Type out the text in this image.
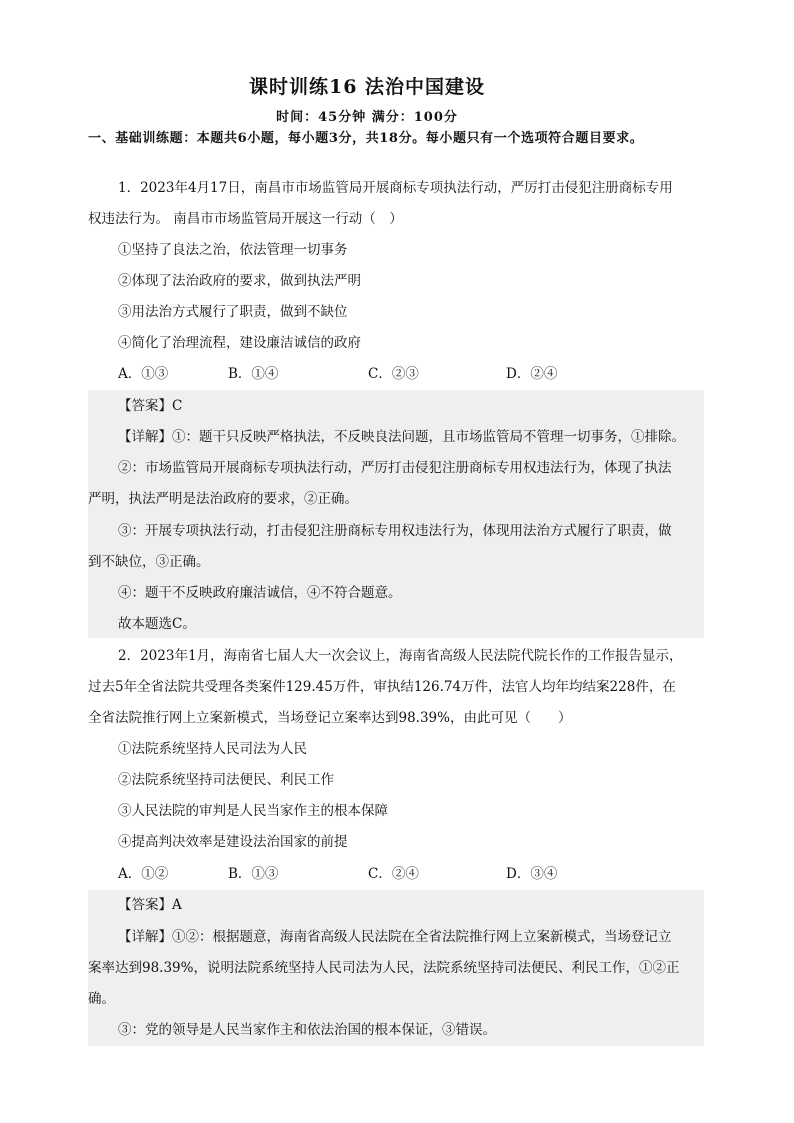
课时训练16 法治中国建设
时间：45分钟 满分：100分
一、基础训练题：本题共6小题，每小题3分，共18分。每小题只有一个选项符合题目要求。
1．2023年4月17日，南昌市市场监管局开展商标专项执法行动，严厉打击侵犯注册商标专用
权违法行为。 南昌市市场监管局开展这一行动（　）
①坚持了良法之治，依法管理一切事务
②体现了法治政府的要求，做到执法严明
③用法治方式履行了职责，做到不缺位
④简化了治理流程，建设廉洁诚信的政府
A．①③	B．①④	C．②③	D．②④
【答案】C
【详解】①：题干只反映严格执法，不反映良法问题，且市场监管局不管理一切事务，①排除。
②：市场监管局开展商标专项执法行动，严厉打击侵犯注册商标专用权违法行为，体现了执法
严明，执法严明是法治政府的要求，②正确。
③：开展专项执法行动，打击侵犯注册商标专用权违法行为，体现用法治方式履行了职责，做
到不缺位，③正确。
④：题干不反映政府廉洁诚信，④不符合题意。
故本题选C。
2．2023年1月，海南省七届人大一次会议上，海南省高级人民法院代院长作的工作报告显示，
过去5年全省法院共受理各类案件129.45万件，审执结126.74万件，法官人均年均结案228件，在
全省法院推行网上立案新模式，当场登记立案率达到98.39%，由此可见（　　）
①法院系统坚持人民司法为人民
②法院系统坚持司法便民、利民工作
③人民法院的审判是人民当家作主的根本保障
④提高判决效率是建设法治国家的前提
A．①②	B．①③	C．②④	D．③④
【答案】A
【详解】①②：根据题意，海南省高级人民法院在全省法院推行网上立案新模式，当场登记立
案率达到98.39%，说明法院系统坚持人民司法为人民，法院系统坚持司法便民、利民工作，①②正
确。
③：党的领导是人民当家作主和依法治国的根本保证，③错误。
